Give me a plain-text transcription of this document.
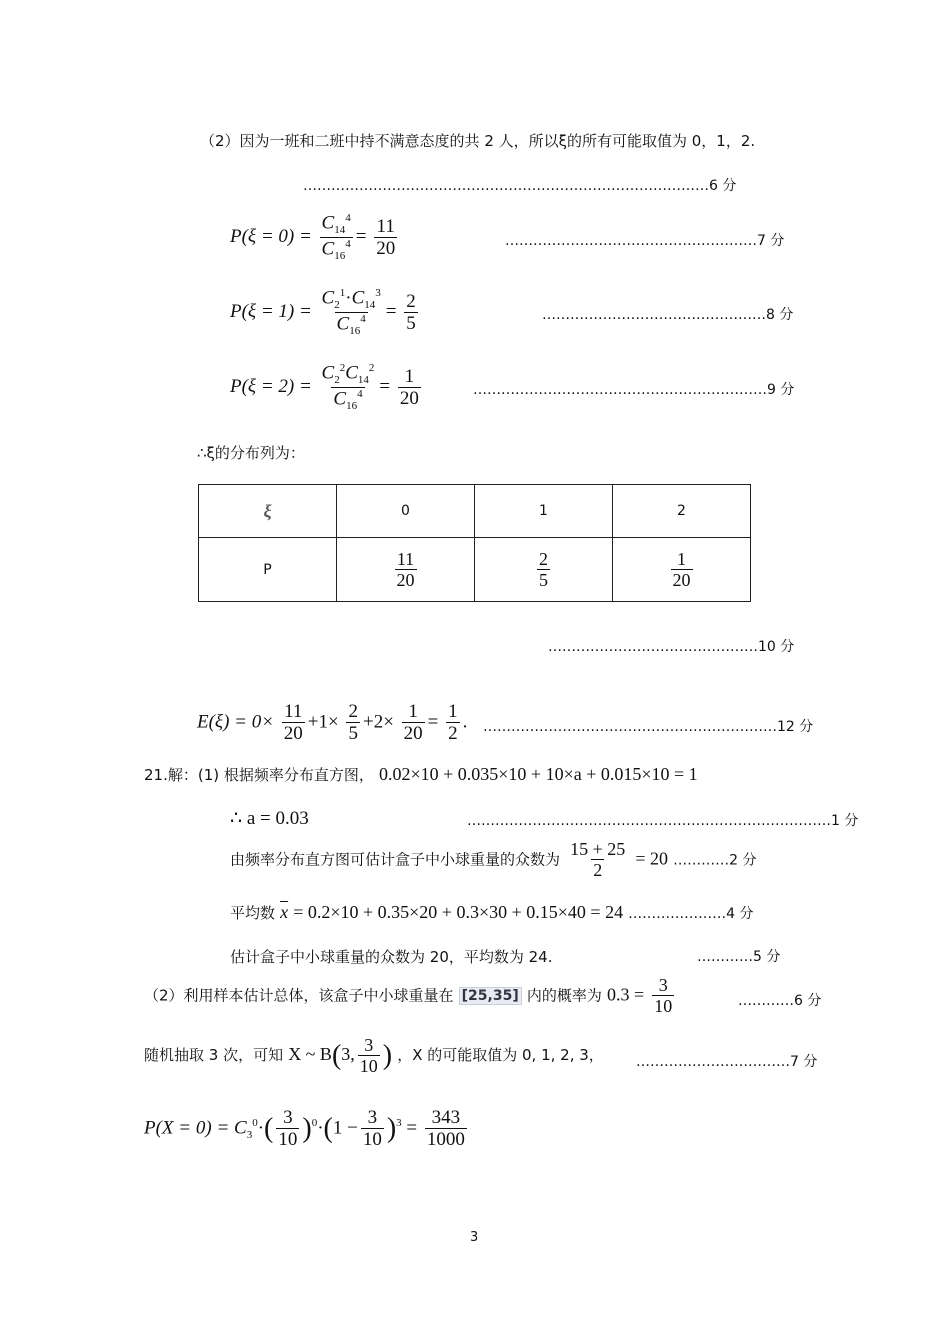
（2）因为一班和二班中持不满意态度的共 2 人，所以ξ的所有可能取值为 0，1，2.
……………………………………………………………………………6 分
$P(\xi = 0) = \frac{C_{14}^4}{C_{16}^4} = \frac{11}{20}$	………………………………………………7 分
$P(\xi = 1) = \frac{C_2^1\cdot C_{14}^3}{C_{16}^4} = \frac{2}{5}$	…………………………………………8 分
$P(\xi = 2) = \frac{C_2^2C_{14}^2}{C_{16}^4} = \frac{1}{20}$	………………………………………………………9 分
∴ξ的分布列为：
ξ	0	1	2
P	$\frac{11}{20}$	$\frac{2}{5}$	$\frac{1}{20}$
………………………………………10 分
$E(\xi) = 0\times \frac{11}{20} +1\times \frac{2}{5} +2\times \frac{1}{20} = \frac{1}{2}$ . ………………………………………………………12 分
21.解：(1) 根据频率分布直方图， 0.02×10 + 0.035×10 + 10×a + 0.015×10 = 1
∴ a = 0.03	……………………………………………………………………1 分
由频率分布直方图可估计盒子中小球重量的众数为 $\frac{15 + 25}{2} = 20$ …………2 分
平均数 $\overline{x} = 0.2\times 10 + 0.35\times 20 + 0.3\times 30 + 0.15\times 40 = 24$ …………………4 分
估计盒子中小球重量的众数为 20，平均数为 24.	…………5 分
（2）利用样本估计总体，该盒子中小球重量在 [25,35] 内的概率为 $0.3 = \frac{3}{10}$	…………6 分
随机抽取 3 次，可知 X ~ B(3, $\frac{3}{10}$ ) ，X 的可能取值为 0, 1, 2, 3， ……………………………7 分
$P(X = 0) = C_3^0\cdot( \frac{3}{10} )^0\cdot(1 - \frac{3}{10} )^3 = \frac{343}{1000}$
3
